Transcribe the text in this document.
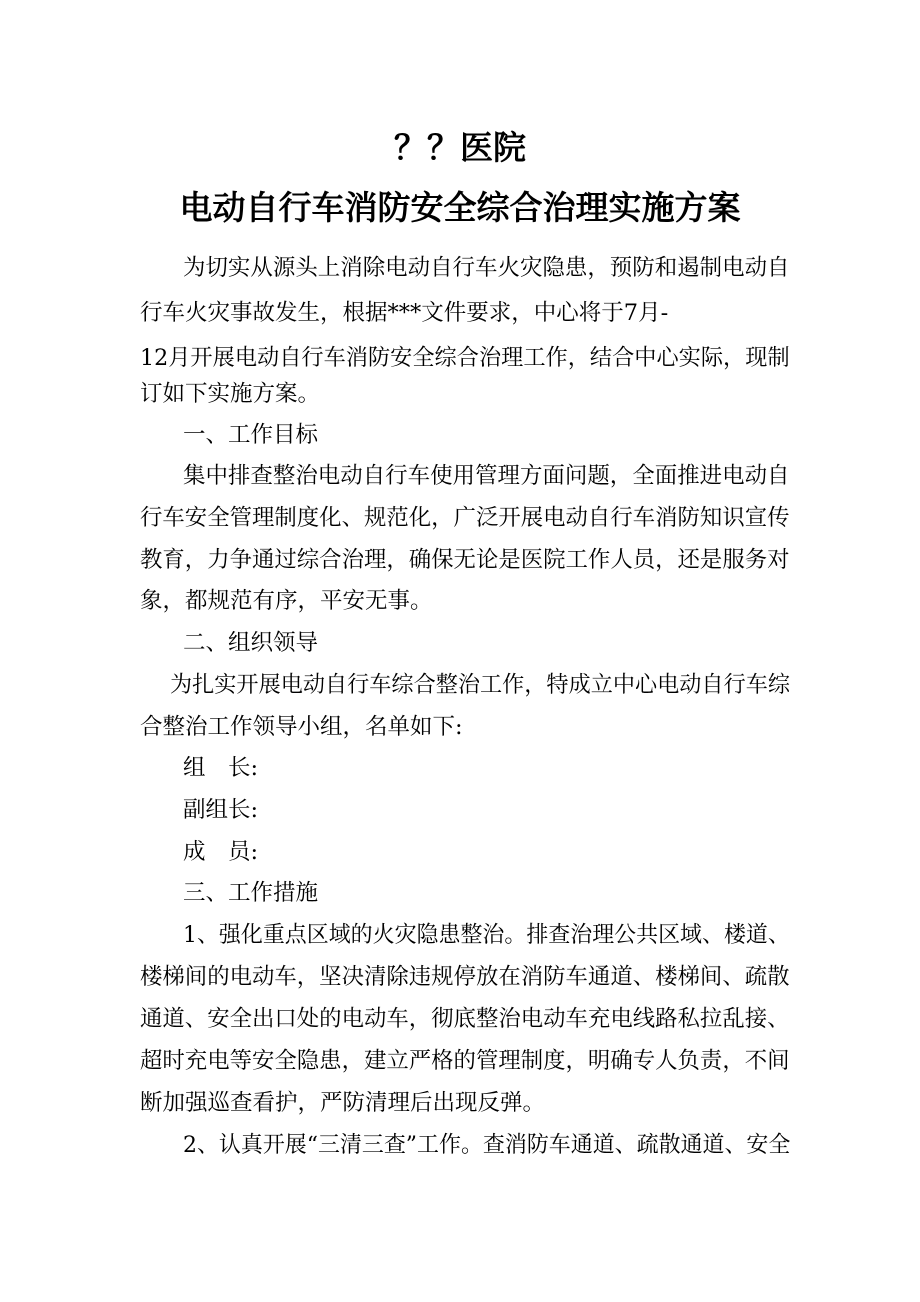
？？医院
电动自行车消防安全综合治理实施方案
为切实从源头上消除电动自行车火灾隐患，预防和遏制电动自
行车火灾事故发生，根据***文件要求，中心将于7月-
12月开展电动自行车消防安全综合治理工作，结合中心实际，现制
订如下实施方案。
一、工作目标
集中排查整治电动自行车使用管理方面问题，全面推进电动自
行车安全管理制度化、规范化，广泛开展电动自行车消防知识宣传
教育，力争通过综合治理，确保无论是医院工作人员，还是服务对
象，都规范有序，平安无事。
二、组织领导
为扎实开展电动自行车综合整治工作，特成立中心电动自行车综
合整治工作领导小组，名单如下:
组　长:
副组长:
成　员:
三、工作措施
1、强化重点区域的火灾隐患整治。排查治理公共区域、楼道、
楼梯间的电动车，坚决清除违规停放在消防车通道、楼梯间、疏散
通道、安全出口处的电动车，彻底整治电动车充电线路私拉乱接、
超时充电等安全隐患，建立严格的管理制度，明确专人负责，不间
断加强巡查看护，严防清理后出现反弹。
2、认真开展“三清三查”工作。查消防车通道、疏散通道、安全
